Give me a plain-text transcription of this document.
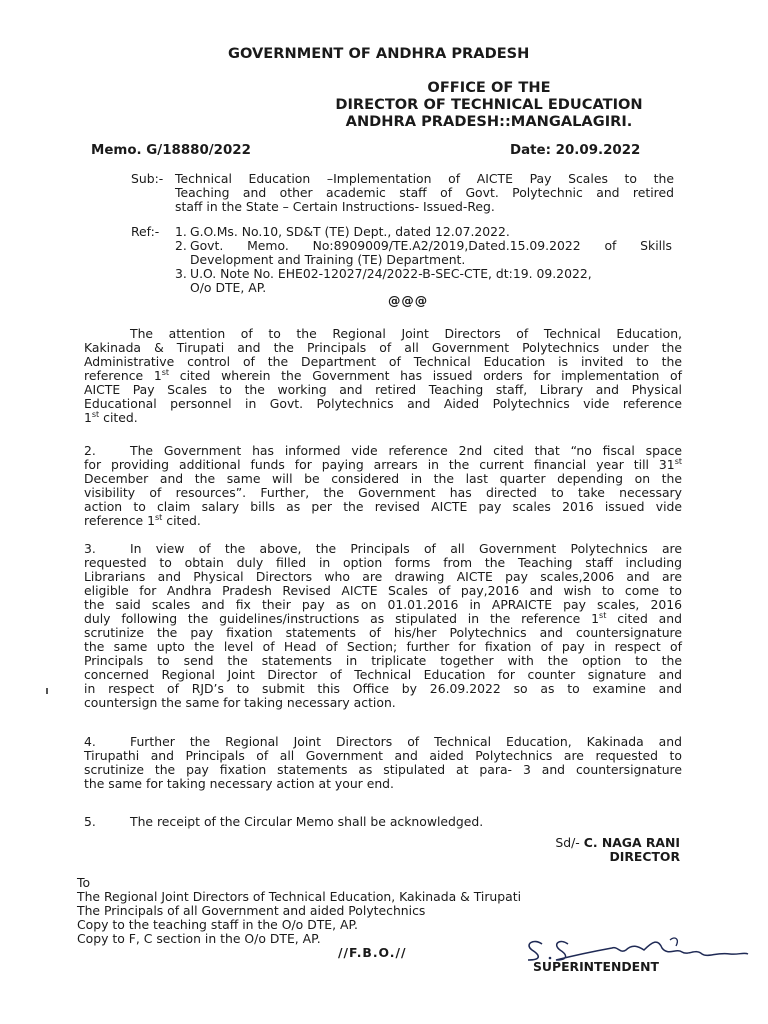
GOVERNMENT OF ANDHRA PRADESH
OFFICE OF THE
DIRECTOR OF TECHNICAL EDUCATION
ANDHRA PRADESH::MANGALAGIRI.
Memo. G/18880/2022	Date: 20.09.2022
Sub:- Technical Education –Implementation of AICTE Pay Scales to the
Teaching and other academic staff of Govt. Polytechnic and retired
staff in the State – Certain Instructions- Issued-Reg.
Ref:- 1. G.O.Ms. No.10, SD&T (TE) Dept., dated 12.07.2022.
2. Govt. Memo. No:8909009/TE.A2/2019,Dated.15.09.2022 of Skills
Development and Training (TE) Department.
3. U.O. Note No. EHE02-12027/24/2022-B-SEC-CTE, dt:19. 09.2022,
O/o DTE, AP.
@@@
The attention of to the Regional Joint Directors of Technical Education,
Kakinada & Tirupati and the Principals of all Government Polytechnics under the
Administrative control of the Department of Technical Education is invited to the
reference 1st cited wherein the Government has issued orders for implementation of
AICTE Pay Scales to the working and retired Teaching staff, Library and Physical
Educational personnel in Govt. Polytechnics and Aided Polytechnics vide reference
1st cited.
2.	The Government has informed vide reference 2nd cited that “no fiscal space
for providing additional funds for paying arrears in the current financial year till 31st
December and the same will be considered in the last quarter depending on the
visibility of resources”. Further, the Government has directed to take necessary
action to claim salary bills as per the revised AICTE pay scales 2016 issued vide
reference 1st cited.
3.	In view of the above, the Principals of all Government Polytechnics are
requested to obtain duly filled in option forms from the Teaching staff including
Librarians and Physical Directors who are drawing AICTE pay scales,2006 and are
eligible for Andhra Pradesh Revised AICTE Scales of pay,2016 and wish to come to
the said scales and fix their pay as on 01.01.2016 in APRAICTE pay scales, 2016
duly following the guidelines/instructions as stipulated in the reference 1st cited and
scrutinize the pay fixation statements of his/her Polytechnics and countersignature
the same upto the level of Head of Section; further for fixation of pay in respect of
Principals to send the statements in triplicate together with the option to the
concerned Regional Joint Director of Technical Education for counter signature and
in respect of RJD’s to submit this Office by 26.09.2022 so as to examine and
countersign the same for taking necessary action.
4.	Further the Regional Joint Directors of Technical Education, Kakinada and
Tirupathi and Principals of all Government and aided Polytechnics are requested to
scrutinize the pay fixation statements as stipulated at para- 3 and countersignature
the same for taking necessary action at your end.
5.	The receipt of the Circular Memo shall be acknowledged.
Sd/- C. NAGA RANI
DIRECTOR
To
The Regional Joint Directors of Technical Education, Kakinada & Tirupati
The Principals of all Government and aided Polytechnics
Copy to the teaching staff in the O/o DTE, AP.
Copy to F, C section in the O/o DTE, AP.
//F.B.O.//
SUPERINTENDENT
